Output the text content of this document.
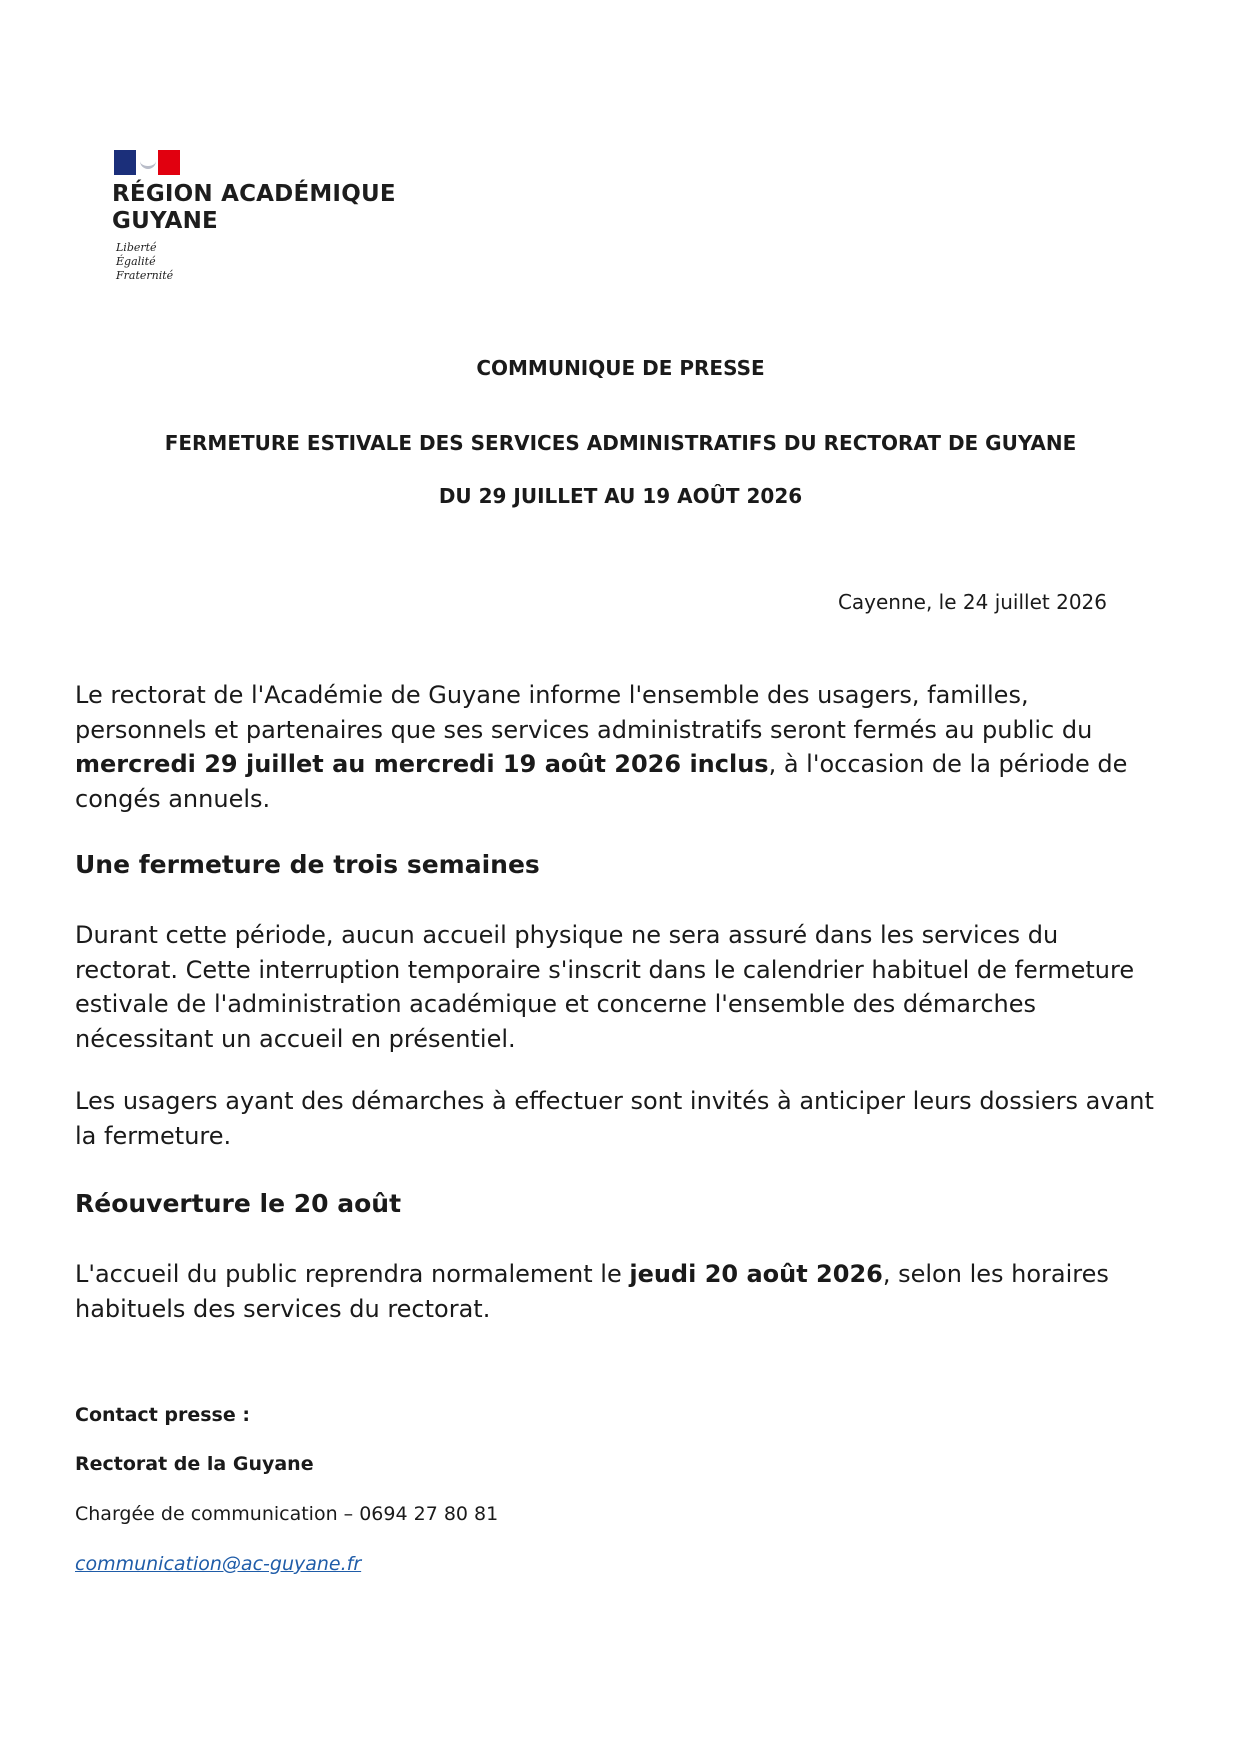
RÉGION ACADÉMIQUE
GUYANE
Liberté
Égalité
Fraternité
COMMUNIQUE DE PRESSE
FERMETURE ESTIVALE DES SERVICES ADMINISTRATIFS DU RECTORAT DE GUYANE
DU 29 JUILLET AU 19 AOÛT 2026
Cayenne, le 24 juillet 2026
Le rectorat de l'Académie de Guyane informe l'ensemble des usagers, familles, personnels et partenaires que ses services administratifs seront fermés au public du mercredi 29 juillet au mercredi 19 août 2026 inclus, à l'occasion de la période de congés annuels.
Une fermeture de trois semaines
Durant cette période, aucun accueil physique ne sera assuré dans les services du rectorat. Cette interruption temporaire s'inscrit dans le calendrier habituel de fermeture estivale de l'administration académique et concerne l'ensemble des démarches nécessitant un accueil en présentiel.
Les usagers ayant des démarches à effectuer sont invités à anticiper leurs dossiers avant la fermeture.
Réouverture le 20 août
L'accueil du public reprendra normalement le jeudi 20 août 2026, selon les horaires habituels des services du rectorat.
Contact presse :
Rectorat de la Guyane
Chargée de communication – 0694 27 80 81
communication@ac-guyane.fr
